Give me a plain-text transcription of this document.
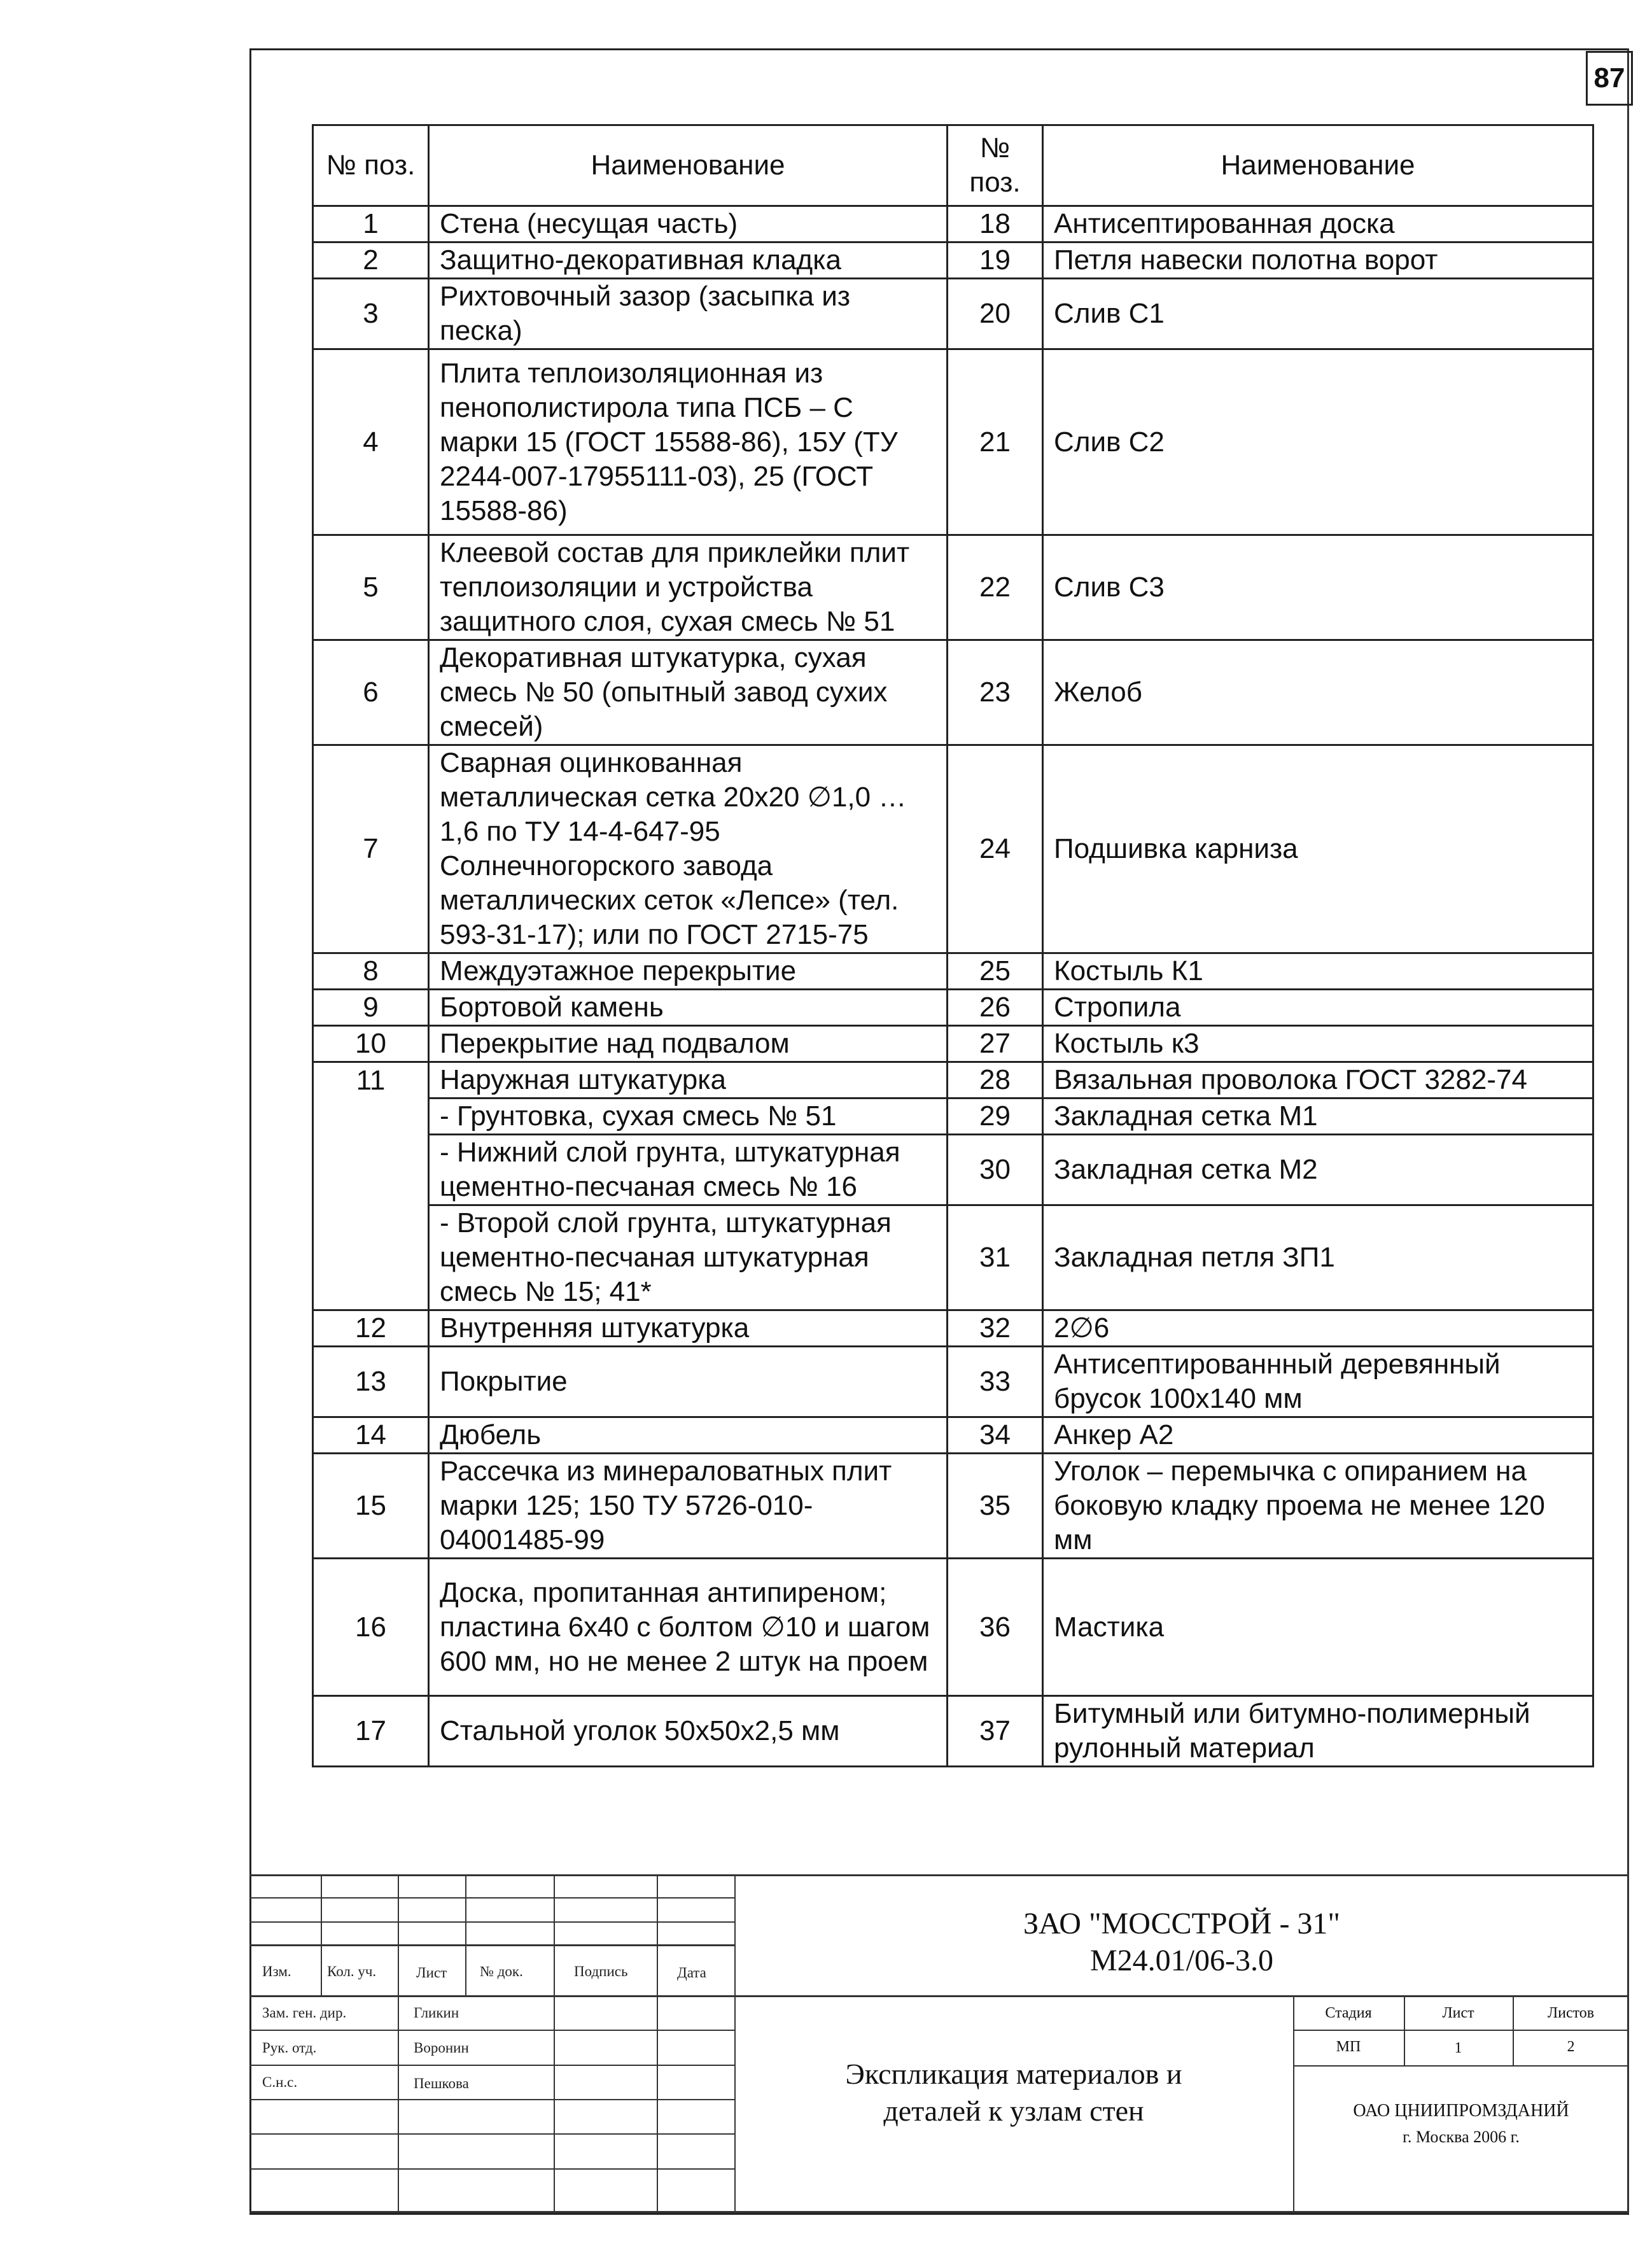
87
№ поз.	Наименование	№ поз.	Наименование
1	Стена (несущая часть)	18	Антисептированная доска
2	Защитно-декоративная кладка	19	Петля навески полотна ворот
3	Рихтовочный зазор (засыпка из песка)	20	Слив С1
4	Плита теплоизоляционная из пенополистирола типа ПСБ – С марки 15 (ГОСТ 15588-86), 15У (ТУ 2244-007-17955111-03), 25 (ГОСТ 15588-86)	21	Слив С2
5	Клеевой состав для приклейки плит теплоизоляции и устройства защитного слоя, сухая смесь № 51	22	Слив С3
6	Декоративная штукатурка, сухая смесь № 50 (опытный завод сухих смесей)	23	Желоб
7	Сварная оцинкованная металлическая сетка 20х20 ∅1,0 … 1,6 по ТУ 14-4-647-95 Солнечногорского завода металлических сеток «Лепсе» (тел. 593-31-17); или по ГОСТ 2715-75	24	Подшивка карниза
8	Междуэтажное перекрытие	25	Костыль К1
9	Бортовой камень	26	Стропила
10	Перекрытие над подвалом	27	Костыль к3
11	Наружная штукатурка	28	Вязальная проволока ГОСТ 3282-74
	- Грунтовка, сухая смесь № 51	29	Закладная сетка М1
	- Нижний слой грунта, штукатурная цементно-песчаная смесь № 16	30	Закладная сетка М2
	- Второй слой грунта, штукатурная цементно-песчаная штукатурная смесь № 15; 41*	31	Закладная петля ЗП1
12	Внутренняя штукатурка	32	2∅6
13	Покрытие	33	Антисептированнный деревянный брусок 100х140 мм
14	Дюбель	34	Анкер А2
15	Рассечка из минераловатных плит марки 125; 150 ТУ 5726-010-04001485-99	35	Уголок – перемычка с опиранием на боковую кладку проема не менее 120 мм
16	Доска, пропитанная антипиреном; пластина 6х40 с болтом ∅10 и шагом 600 мм, но не менее 2 штук на проем	36	Мастика
17	Стальной уголок 50х50х2,5 мм	37	Битумный или битумно-полимерный рулонный материал
Изм. Кол. уч.	Лист № док.	Подпись	Дата
Зам. ген. дир.	Гликин
Рук. отд.	Воронин
С.н.с.	Пешкова
ЗАО "МОССТРОЙ - 31"
М24.01/06-3.0
Экспликация материалов и
деталей к узлам стен
Стадия	Лист	Листов
МП	1	2
ОАО ЦНИИПРОМЗДАНИЙ
г. Москва 2006 г.
